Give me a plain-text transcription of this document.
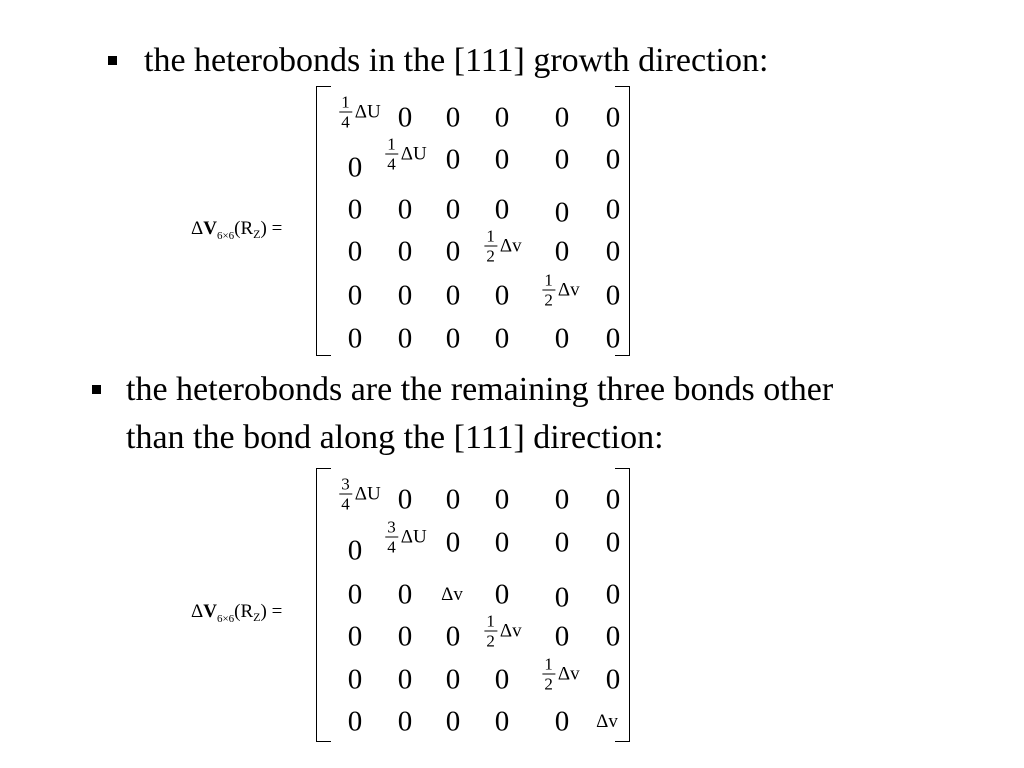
the heterobonds in the [111] growth direction:
$\Delta V_{6\times 6}(R_Z)$ =
$\frac{1}{4}$ ΔU 0 0 0 0 0
$0 \frac{1}{4}$ ΔU 0 0 0 0
0 0 0 0 0 0
0 0 $0 \frac{1}{2}$ Δv 0 0
0 0 0 $0 \frac{1}{2}$ Δv 0
0 0 0 0 0 0
the heterobonds are the remaining three bonds other
than the bond along the [111] direction:
$\Delta V_{6\times 6}(R_Z)$ =
$\frac{3}{4}$ ΔU 0 0 0 0 0
$0 \frac{3}{4}$ ΔU 0 0 0 0
0 0 Δv 0 0 0
0 0 $0 \frac{1}{2}$ Δv 0 0
0 0 0 $0 \frac{1}{2}$ Δv 0
0 0 0 0 0 Δv
